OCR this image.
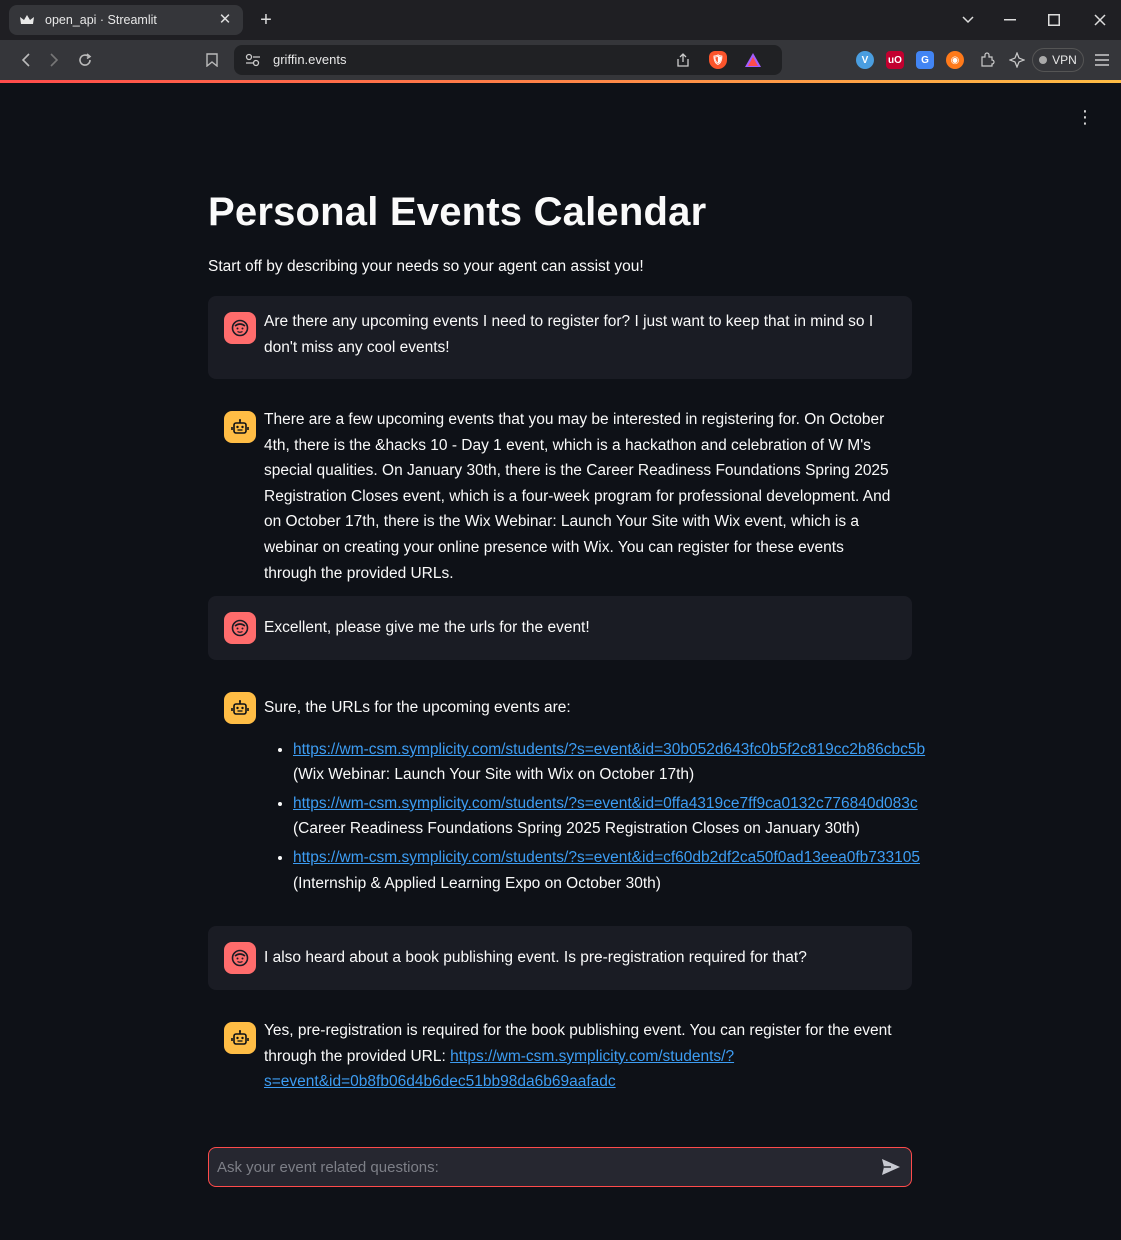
open_api · Streamlit	✕ +
griffin.events	🛡	V	uO	G	◉	VPN
⋮
Personal Events Calendar

Start off by describing your needs so your agent can assist you!

Are there any upcoming events I need to register for? I just want to keep that in mind so I don't miss any cool events!

There are a few upcoming events that you may be interested in registering for. On October 4th, there is the &hacks 10 - Day 1 event, which is a hackathon and celebration of W M's special qualities. On January 30th, there is the Career Readiness Foundations Spring 2025 Registration Closes event, which is a four-week program for professional development. And on October 17th, there is the Wix Webinar: Launch Your Site with Wix event, which is a webinar on creating your online presence with Wix. You can register for these events through the provided URLs.

Excellent, please give me the urls for the event!

Sure, the URLs for the upcoming events are:

• https://wm-csm.symplicity.com/students/?s=event&id=30b052d643fc0b5f2c819cc2b86cbc5b
(Wix Webinar: Launch Your Site with Wix on October 17th)
• https://wm-csm.symplicity.com/students/?s=event&id=0ffa4319ce7ff9ca0132c776840d083c
(Career Readiness Foundations Spring 2025 Registration Closes on January 30th)
• https://wm-csm.symplicity.com/students/?s=event&id=cf60db2df2ca50f0ad13eea0fb733105
(Internship & Applied Learning Expo on October 30th)

I also heard about a book publishing event. Is pre-registration required for that?

Yes, pre-registration is required for the book publishing event. You can register for the event through the provided URL: https://wm-csm.symplicity.com/students/?
s=event&id=0b8fb06d4b6dec51bb98da6b69aafadc

Ask your event related questions:
